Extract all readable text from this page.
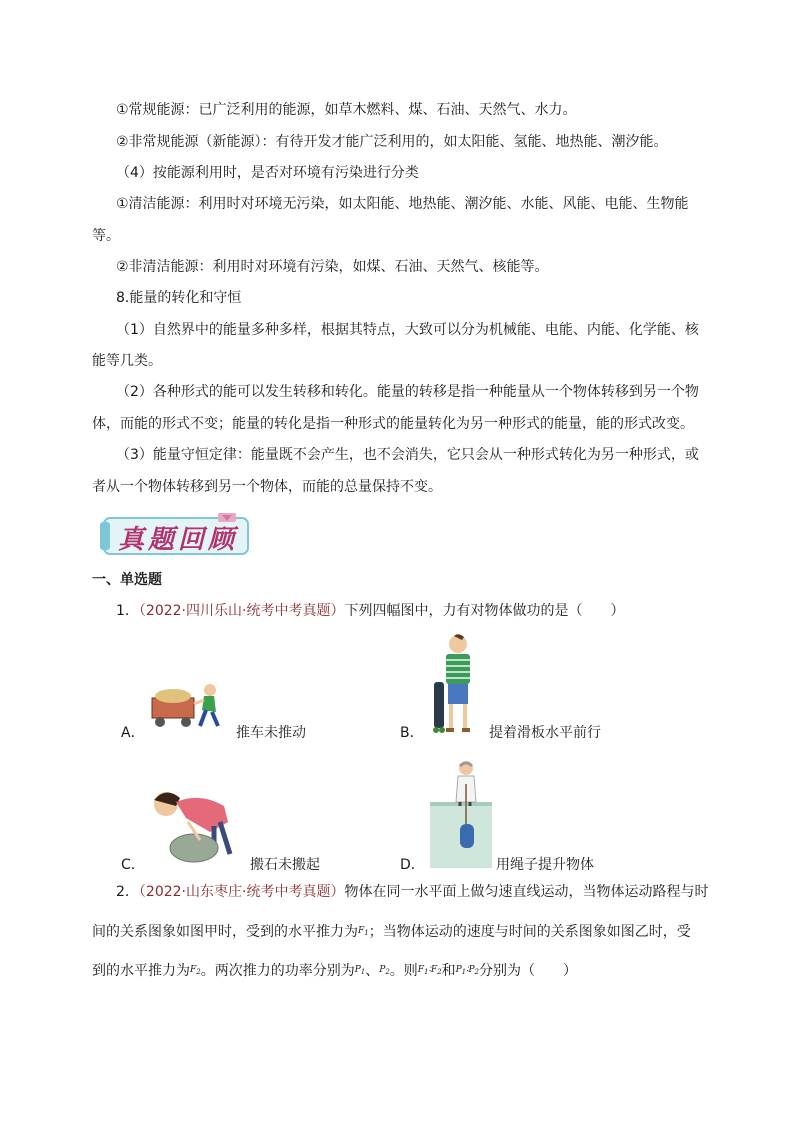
①常规能源：已广泛利用的能源，如草木燃料、煤、石油、天然气、水力。
②非常规能源（新能源）：有待开发才能广泛利用的，如太阳能、氢能、地热能、潮汐能。
（4）按能源利用时，是否对环境有污染进行分类
①清洁能源：利用时对环境无污染，如太阳能、地热能、潮汐能、水能、风能、电能、生物能
等。
②非清洁能源：利用时对环境有污染，如煤、石油、天然气、核能等。
8.能量的转化和守恒
（1）自然界中的能量多种多样，根据其特点，大致可以分为机械能、电能、内能、化学能、核
能等几类。
（2）各种形式的能可以发生转移和转化。能量的转移是指一种能量从一个物体转移到另一个物
体，而能的形式不变；能量的转化是指一种形式的能量转化为另一种形式的能量，能的形式改变。
（3）能量守恒定律：能量既不会产生，也不会消失，它只会从一种形式转化为另一种形式，或
者从一个物体转移到另一个物体，而能的总量保持不变。
真题回顾
一、单选题
1．（2022·四川乐山·统考中考真题）下列四幅图中，力有对物体做功的是（　　）
A．	推车未推动	B．	提着滑板水平前行
C．	搬石未搬起	D．	用绳子提升物体
2．（2022·山东枣庄·统考中考真题）物体在同一水平面上做匀速直线运动，当物体运动路程与时
间的关系图象如图甲时，受到的水平推力为$^{F_1}$；当物体运动的速度与时间的关系图象如图乙时，受
到的水平推力为$^{F_2}$。两次推力的功率分别为$^{P_1}$、$^{P_2}$。则$^{F_1∶F_2}$和$^{P_1∶P_2}$分别为（　　）
